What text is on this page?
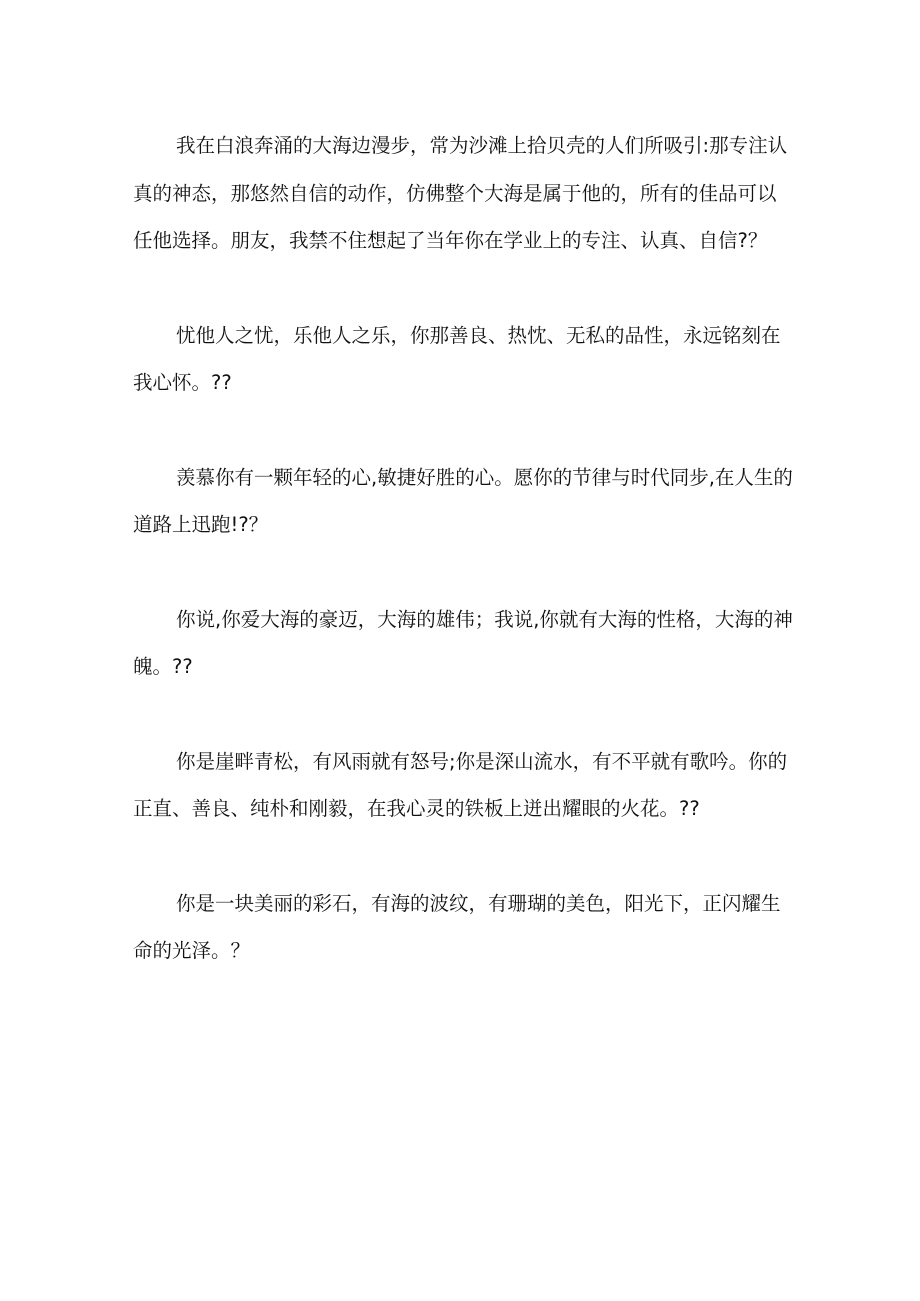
我在白浪奔涌的大海边漫步，常为沙滩上拾贝壳的人们所吸引:那专注认真的神态，那悠然自信的动作，仿佛整个大海是属于他的，所有的佳品可以任他选择。朋友，我禁不住想起了当年你在学业上的专注、认真、自信?？

忧他人之忧，乐他人之乐，你那善良、热忱、无私的品性，永远铭刻在我心怀。??

羡慕你有一颗年轻的心,敏捷好胜的心。愿你的节律与时代同步,在人生的道路上迅跑!?？

你说,你爱大海的豪迈，大海的雄伟；我说,你就有大海的性格，大海的神魄。??

你是崖畔青松，有风雨就有怒号;你是深山流水，有不平就有歌吟。你的正直、善良、纯朴和刚毅，在我心灵的铁板上迸出耀眼的火花。??

你是一块美丽的彩石，有海的波纹，有珊瑚的美色，阳光下，正闪耀生命的光泽。？
